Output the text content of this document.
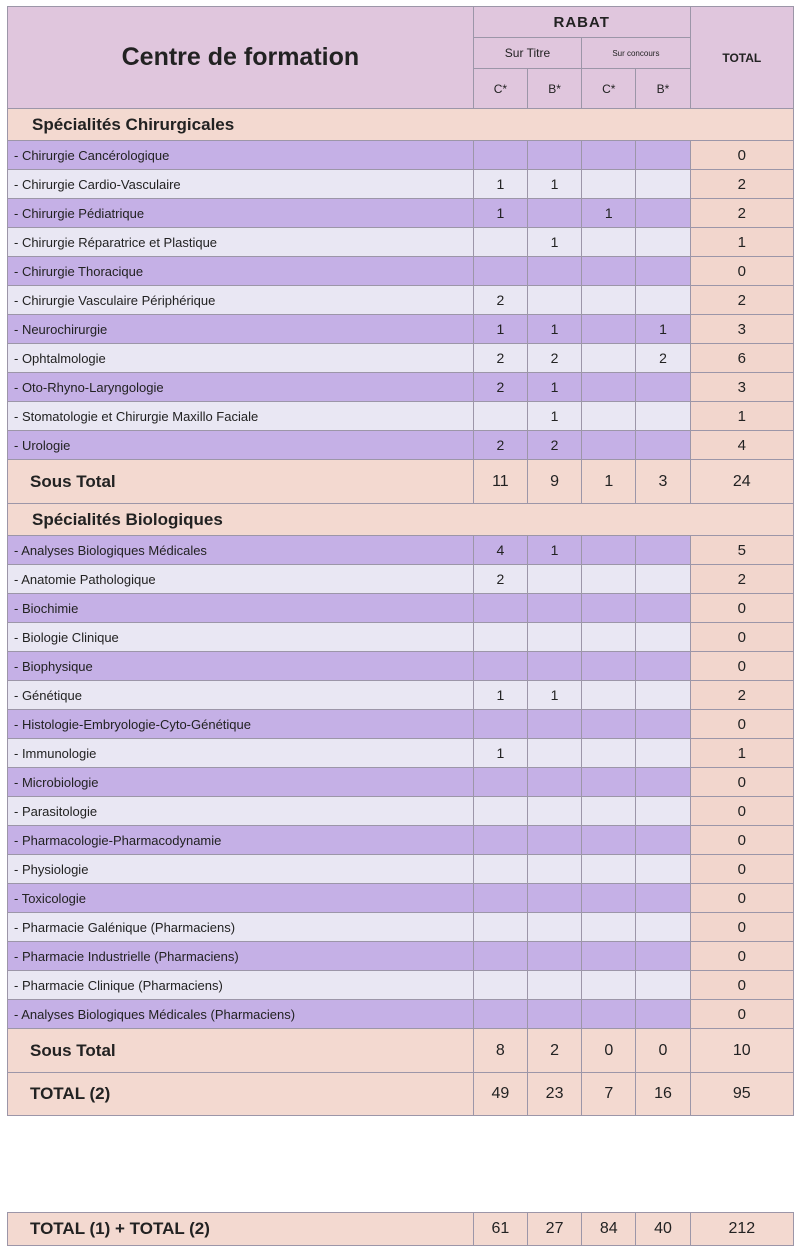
Centre de formation	RABAT				TOTAL
	Sur Titre		Sur concours		
	C*	B*	C*	B*	
Spécialités Chirurgicales					
- Chirurgie Cancérologique					0
- Chirurgie Cardio-Vasculaire	1	1			2
- Chirurgie Pédiatrique	1		1		2
- Chirurgie Réparatrice et Plastique		1			1
- Chirurgie Thoracique					0
- Chirurgie Vasculaire Périphérique	2				2
- Neurochirurgie	1	1		1	3
- Ophtalmologie	2	2		2	6
- Oto-Rhyno-Laryngologie	2	1			3
- Stomatologie et Chirurgie Maxillo Faciale		1			1
- Urologie	2	2			4
Sous Total	11	9	1	3	24
Spécialités Biologiques					
- Analyses Biologiques Médicales	4	1			5
- Anatomie Pathologique	2				2
- Biochimie					0
- Biologie Clinique					0
- Biophysique					0
- Génétique	1	1			2
- Histologie-Embryologie-Cyto-Génétique					0
- Immunologie	1				1
- Microbiologie					0
- Parasitologie					0
- Pharmacologie-Pharmacodynamie					0
- Physiologie					0
- Toxicologie					0
- Pharmacie Galénique (Pharmaciens)					0
- Pharmacie Industrielle (Pharmaciens)					0
- Pharmacie Clinique (Pharmaciens)					0
- Analyses Biologiques Médicales (Pharmaciens)					0
Sous Total	8	2	0	0	10
TOTAL (2)	49	23	7	16	95
TOTAL (1) + TOTAL (2)	61	27	84	40	212
